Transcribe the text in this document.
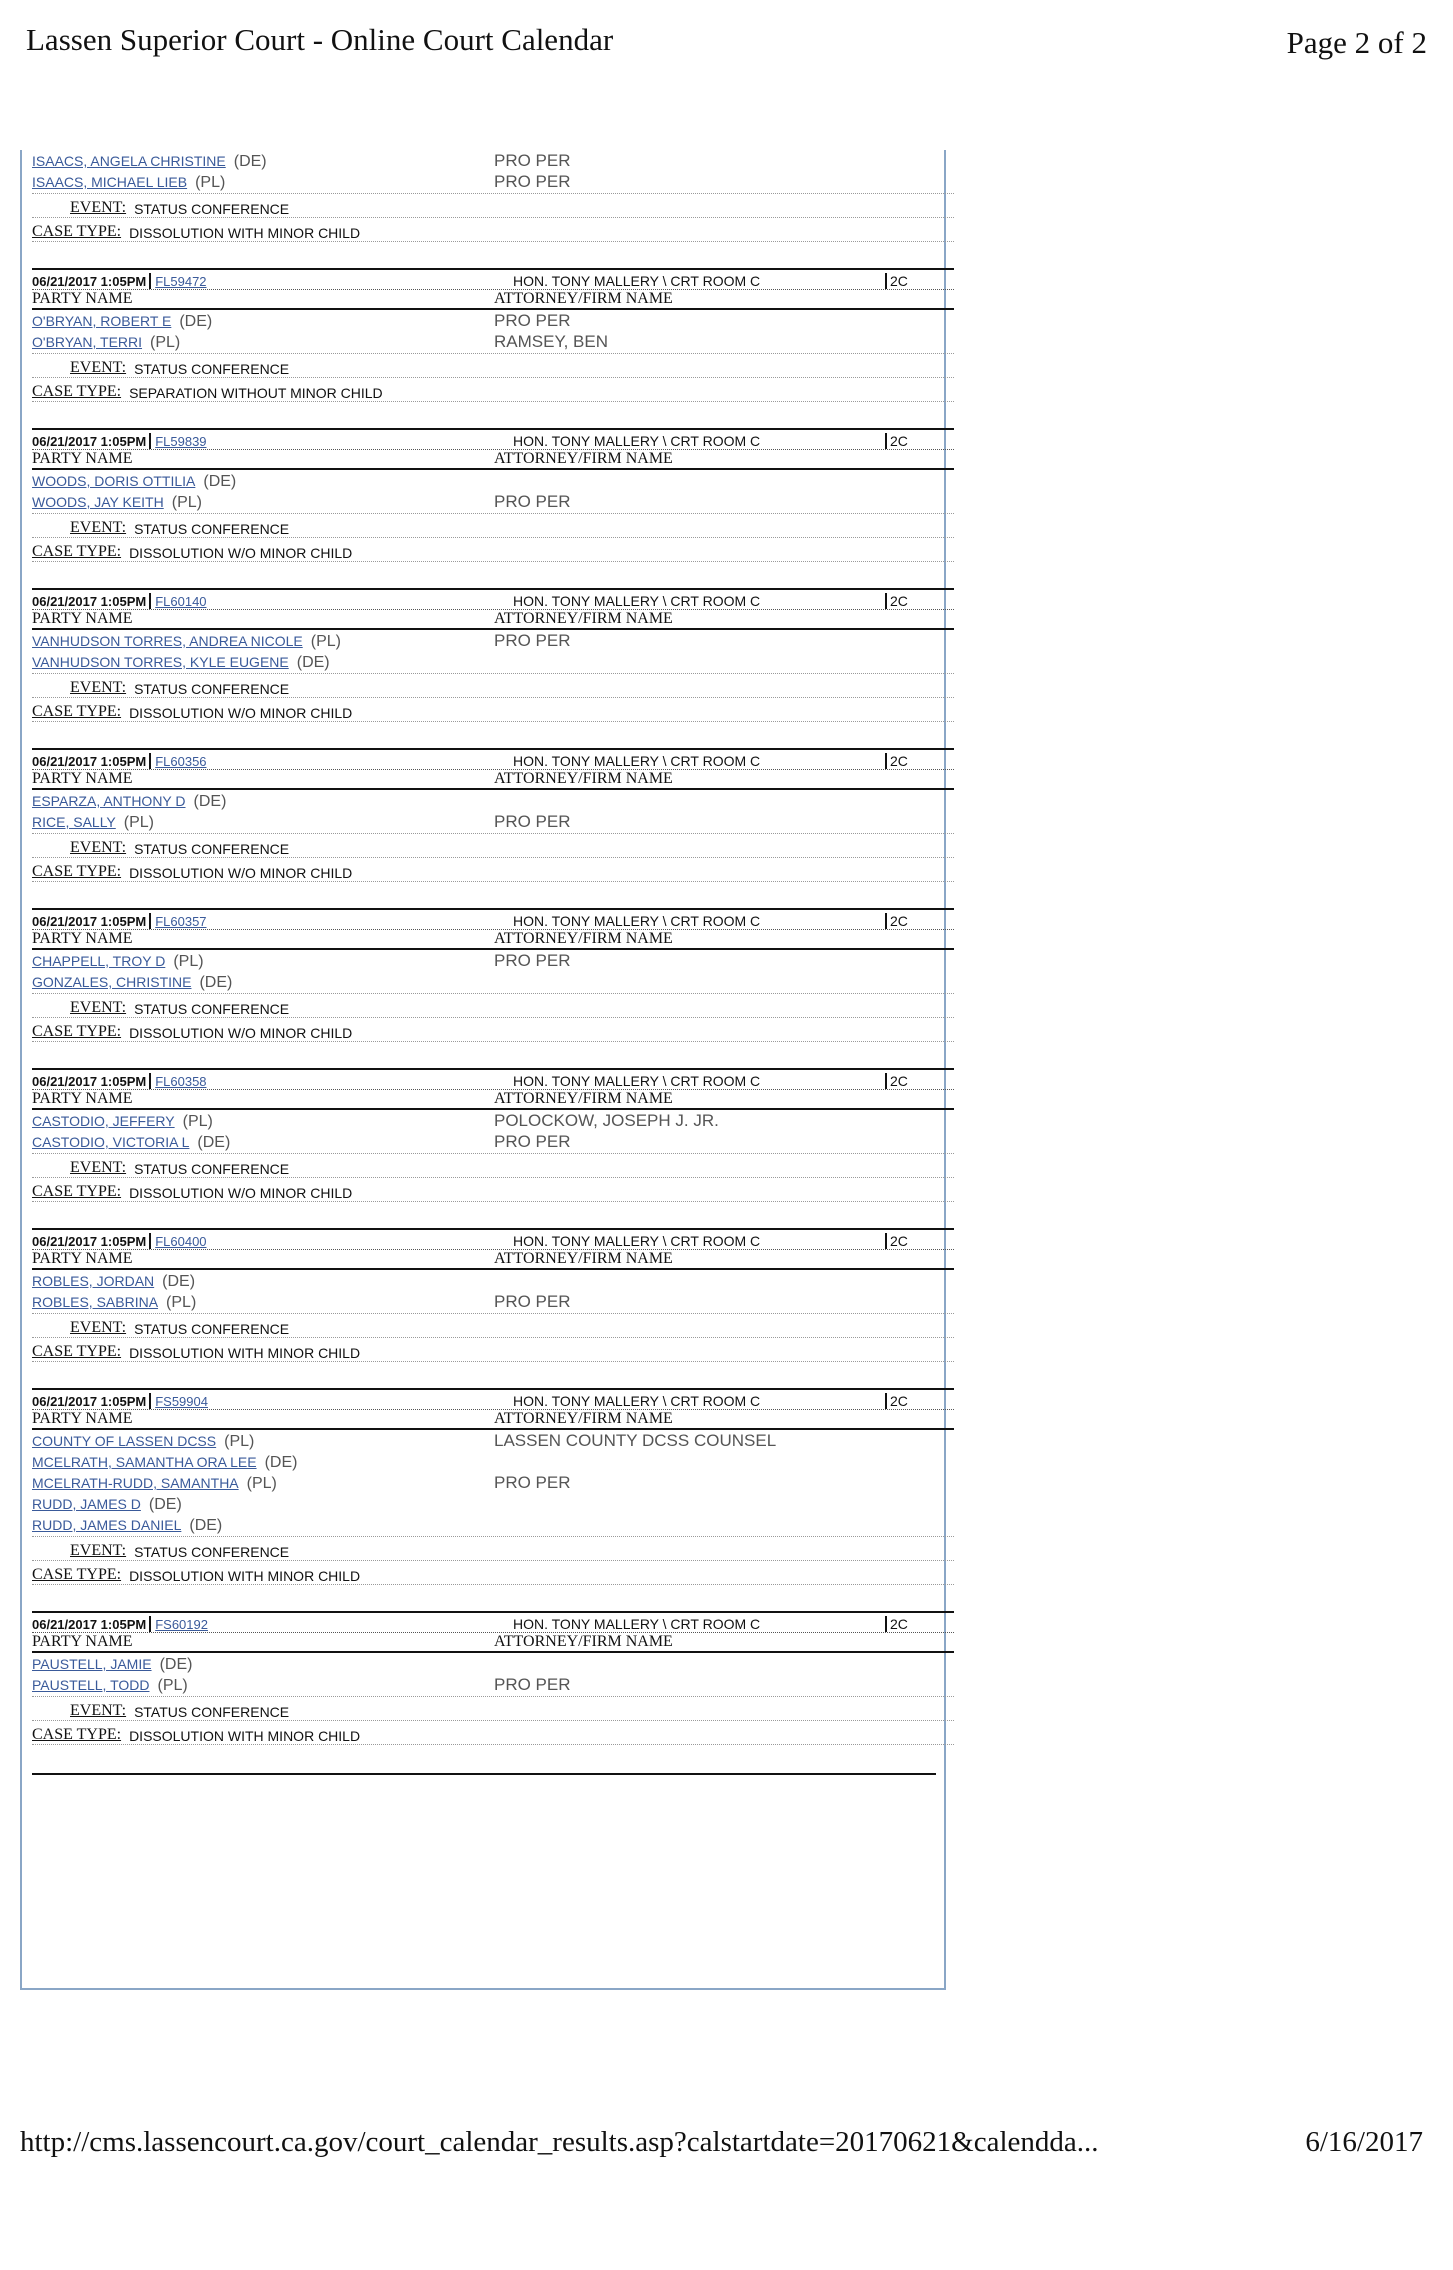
Lassen Superior Court - Online Court Calendar	Page 2 of 2
ISAACS, ANGELA CHRISTINE (DE)	PRO PER
ISAACS, MICHAEL LIEB (PL)	PRO PER
EVENT: STATUS CONFERENCE
CASE TYPE: DISSOLUTION WITH MINOR CHILD
06/21/2017 1:05PM FL59472	HON. TONY MALLERY \ CRT ROOM C	2C
PARTY NAME	ATTORNEY/FIRM NAME
O'BRYAN, ROBERT E (DE)	PRO PER
O'BRYAN, TERRI (PL)	RAMSEY, BEN
EVENT: STATUS CONFERENCE
CASE TYPE: SEPARATION WITHOUT MINOR CHILD
06/21/2017 1:05PM FL59839	HON. TONY MALLERY \ CRT ROOM C	2C
PARTY NAME	ATTORNEY/FIRM NAME
WOODS, DORIS OTTILIA (DE)
WOODS, JAY KEITH (PL)	PRO PER
EVENT: STATUS CONFERENCE
CASE TYPE: DISSOLUTION W/O MINOR CHILD
06/21/2017 1:05PM FL60140	HON. TONY MALLERY \ CRT ROOM C	2C
PARTY NAME	ATTORNEY/FIRM NAME
VANHUDSON TORRES, ANDREA NICOLE (PL)	PRO PER
VANHUDSON TORRES, KYLE EUGENE (DE)
EVENT: STATUS CONFERENCE
CASE TYPE: DISSOLUTION W/O MINOR CHILD
06/21/2017 1:05PM FL60356	HON. TONY MALLERY \ CRT ROOM C	2C
PARTY NAME	ATTORNEY/FIRM NAME
ESPARZA, ANTHONY D (DE)
RICE, SALLY (PL)	PRO PER
EVENT: STATUS CONFERENCE
CASE TYPE: DISSOLUTION W/O MINOR CHILD
06/21/2017 1:05PM FL60357	HON. TONY MALLERY \ CRT ROOM C	2C
PARTY NAME	ATTORNEY/FIRM NAME
CHAPPELL, TROY D (PL)	PRO PER
GONZALES, CHRISTINE (DE)
EVENT: STATUS CONFERENCE
CASE TYPE: DISSOLUTION W/O MINOR CHILD
06/21/2017 1:05PM FL60358	HON. TONY MALLERY \ CRT ROOM C	2C
PARTY NAME	ATTORNEY/FIRM NAME
CASTODIO, JEFFERY (PL)	POLOCKOW, JOSEPH J. JR.
CASTODIO, VICTORIA L (DE)	PRO PER
EVENT: STATUS CONFERENCE
CASE TYPE: DISSOLUTION W/O MINOR CHILD
06/21/2017 1:05PM FL60400	HON. TONY MALLERY \ CRT ROOM C	2C
PARTY NAME	ATTORNEY/FIRM NAME
ROBLES, JORDAN (DE)
ROBLES, SABRINA (PL)	PRO PER
EVENT: STATUS CONFERENCE
CASE TYPE: DISSOLUTION WITH MINOR CHILD
06/21/2017 1:05PM FS59904	HON. TONY MALLERY \ CRT ROOM C	2C
PARTY NAME	ATTORNEY/FIRM NAME
COUNTY OF LASSEN DCSS (PL)	LASSEN COUNTY DCSS COUNSEL
MCELRATH, SAMANTHA ORA LEE (DE)
MCELRATH-RUDD, SAMANTHA (PL)	PRO PER
RUDD, JAMES D (DE)
RUDD, JAMES DANIEL (DE)
EVENT: STATUS CONFERENCE
CASE TYPE: DISSOLUTION WITH MINOR CHILD
06/21/2017 1:05PM FS60192	HON. TONY MALLERY \ CRT ROOM C	2C
PARTY NAME	ATTORNEY/FIRM NAME
PAUSTELL, JAMIE (DE)
PAUSTELL, TODD (PL)	PRO PER
EVENT: STATUS CONFERENCE
CASE TYPE: DISSOLUTION WITH MINOR CHILD
http://cms.lassencourt.ca.gov/court_calendar_results.asp?calstartdate=20170621&calendda...	6/16/2017
